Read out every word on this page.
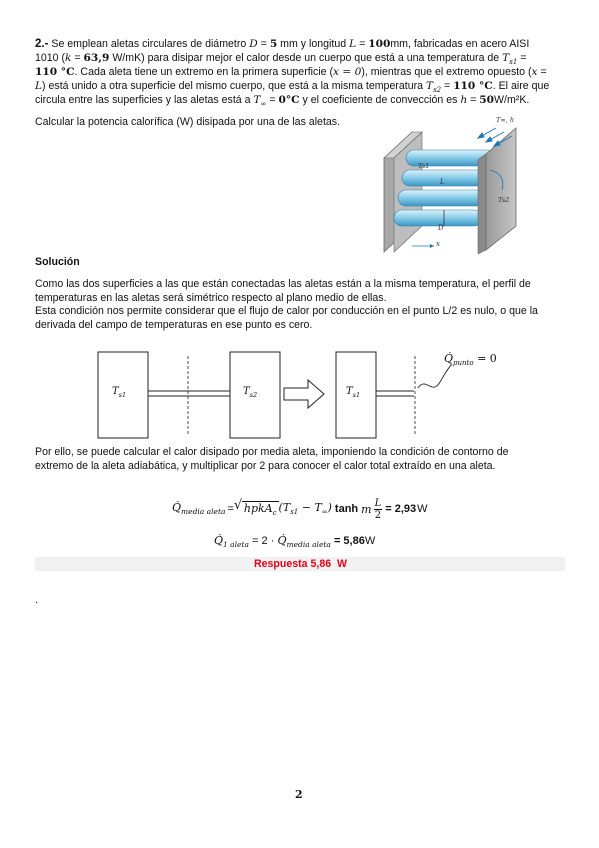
2.- Se emplean aletas circulares de diámetro D = 5 mm y longitud L = 100mm, fabricadas en acero AISI
1010 (k = 63,9 W/mK) para disipar mejor el calor desde un cuerpo que está a una temperatura de $T_{s1}$ =
110 °C. Cada aleta tiene un extremo en la primera superficie (x = 0), mientras que el extremo opuesto (x =
L) está unido a otra superficie del mismo cuerpo, que está a la misma temperatura $T_{s2} = 110$ °C. El aire que
circula entre las superficies y las aletas está a $T_\infty = 0^\circ C$ y el coeficiente de convección es h = 50W/m²K.
Calcular la potencia calorífica (W) disipada por una de las aletas.	T∞, h
Ts1
Ts2
L
D
x
Solución
Como las dos superficies a las que están conectadas las aletas están a la misma temperatura, el perfil de
temperaturas en las aletas será simétrico respecto al plano medio de ellas.
Esta condición nos permite considerar que el flujo de calor por conducción en el punto L/2 es nulo, o que la
derivada del campo de temperaturas en ese punto es cero.
$T_{s1}$	$T_{s2}$	$T_{s1}$
$Q̇_{punto} = 0$
Por ello, se puede calcular el calor disipado por media aleta, imponiendo la condición de contorno de
extremo de la aleta adiabática, y multiplicar por 2 para conocer el calor total extraído en una aleta.
$Q̇_{media aleta}$ = √ hpkA$_c$ $(T_{s1} - T_\infty)$ tanh m $\frac{L}{2} = 2,93$ W
$Q̇_{1 aleta} = 2$ · $Q̇_{media aleta} = 5,86W$
Respuesta 5,86  W
.
2
